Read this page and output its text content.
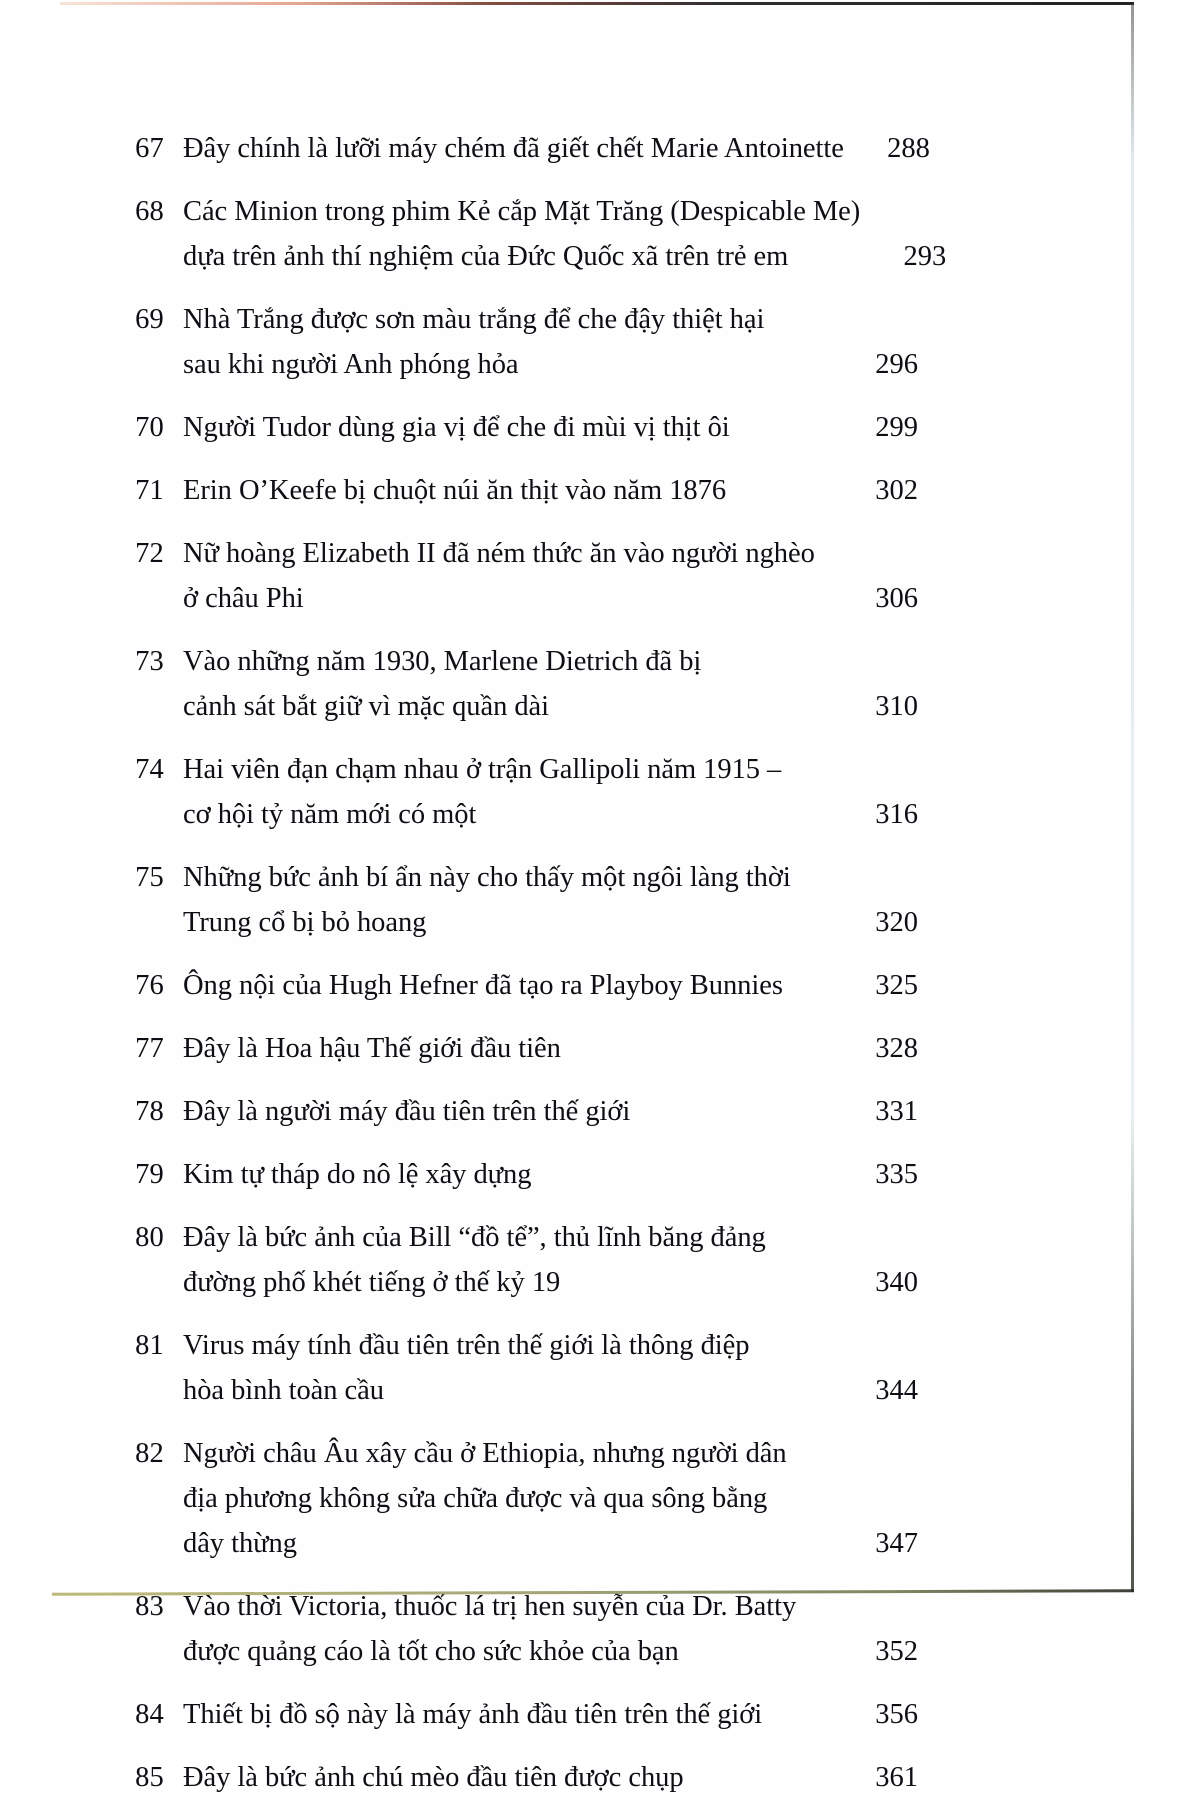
67 Đây chính là lưỡi máy chém đã giết chết Marie Antoinette	288
68 Các Minion trong phim Kẻ cắp Mặt Trăng (Despicable Me)
dựa trên ảnh thí nghiệm của Đức Quốc xã trên trẻ em	293
69 Nhà Trắng được sơn màu trắng để che đậy thiệt hại
sau khi người Anh phóng hỏa	296
70 Người Tudor dùng gia vị để che đi mùi vị thịt ôi	299
71 Erin O’Keefe bị chuột núi ăn thịt vào năm 1876	302
72 Nữ hoàng Elizabeth II đã ném thức ăn vào người nghèo
ở châu Phi	306
73 Vào những năm 1930, Marlene Dietrich đã bị
cảnh sát bắt giữ vì mặc quần dài	310
74 Hai viên đạn chạm nhau ở trận Gallipoli năm 1915 –
cơ hội tỷ năm mới có một	316
75 Những bức ảnh bí ẩn này cho thấy một ngôi làng thời
Trung cổ bị bỏ hoang	320
76 Ông nội của Hugh Hefner đã tạo ra Playboy Bunnies	325
77 Đây là Hoa hậu Thế giới đầu tiên	328
78 Đây là người máy đầu tiên trên thế giới	331
79 Kim tự tháp do nô lệ xây dựng	335
80 Đây là bức ảnh của Bill “đồ tể”, thủ lĩnh băng đảng
đường phố khét tiếng ở thế kỷ 19	340
81 Virus máy tính đầu tiên trên thế giới là thông điệp
hòa bình toàn cầu	344
82 Người châu Âu xây cầu ở Ethiopia, nhưng người dân
địa phương không sửa chữa được và qua sông bằng
dây thừng	347
83 Vào thời Victoria, thuốc lá trị hen suyễn của Dr. Batty
được quảng cáo là tốt cho sức khỏe của bạn	352
84 Thiết bị đồ sộ này là máy ảnh đầu tiên trên thế giới	356
85 Đây là bức ảnh chú mèo đầu tiên được chụp	361
